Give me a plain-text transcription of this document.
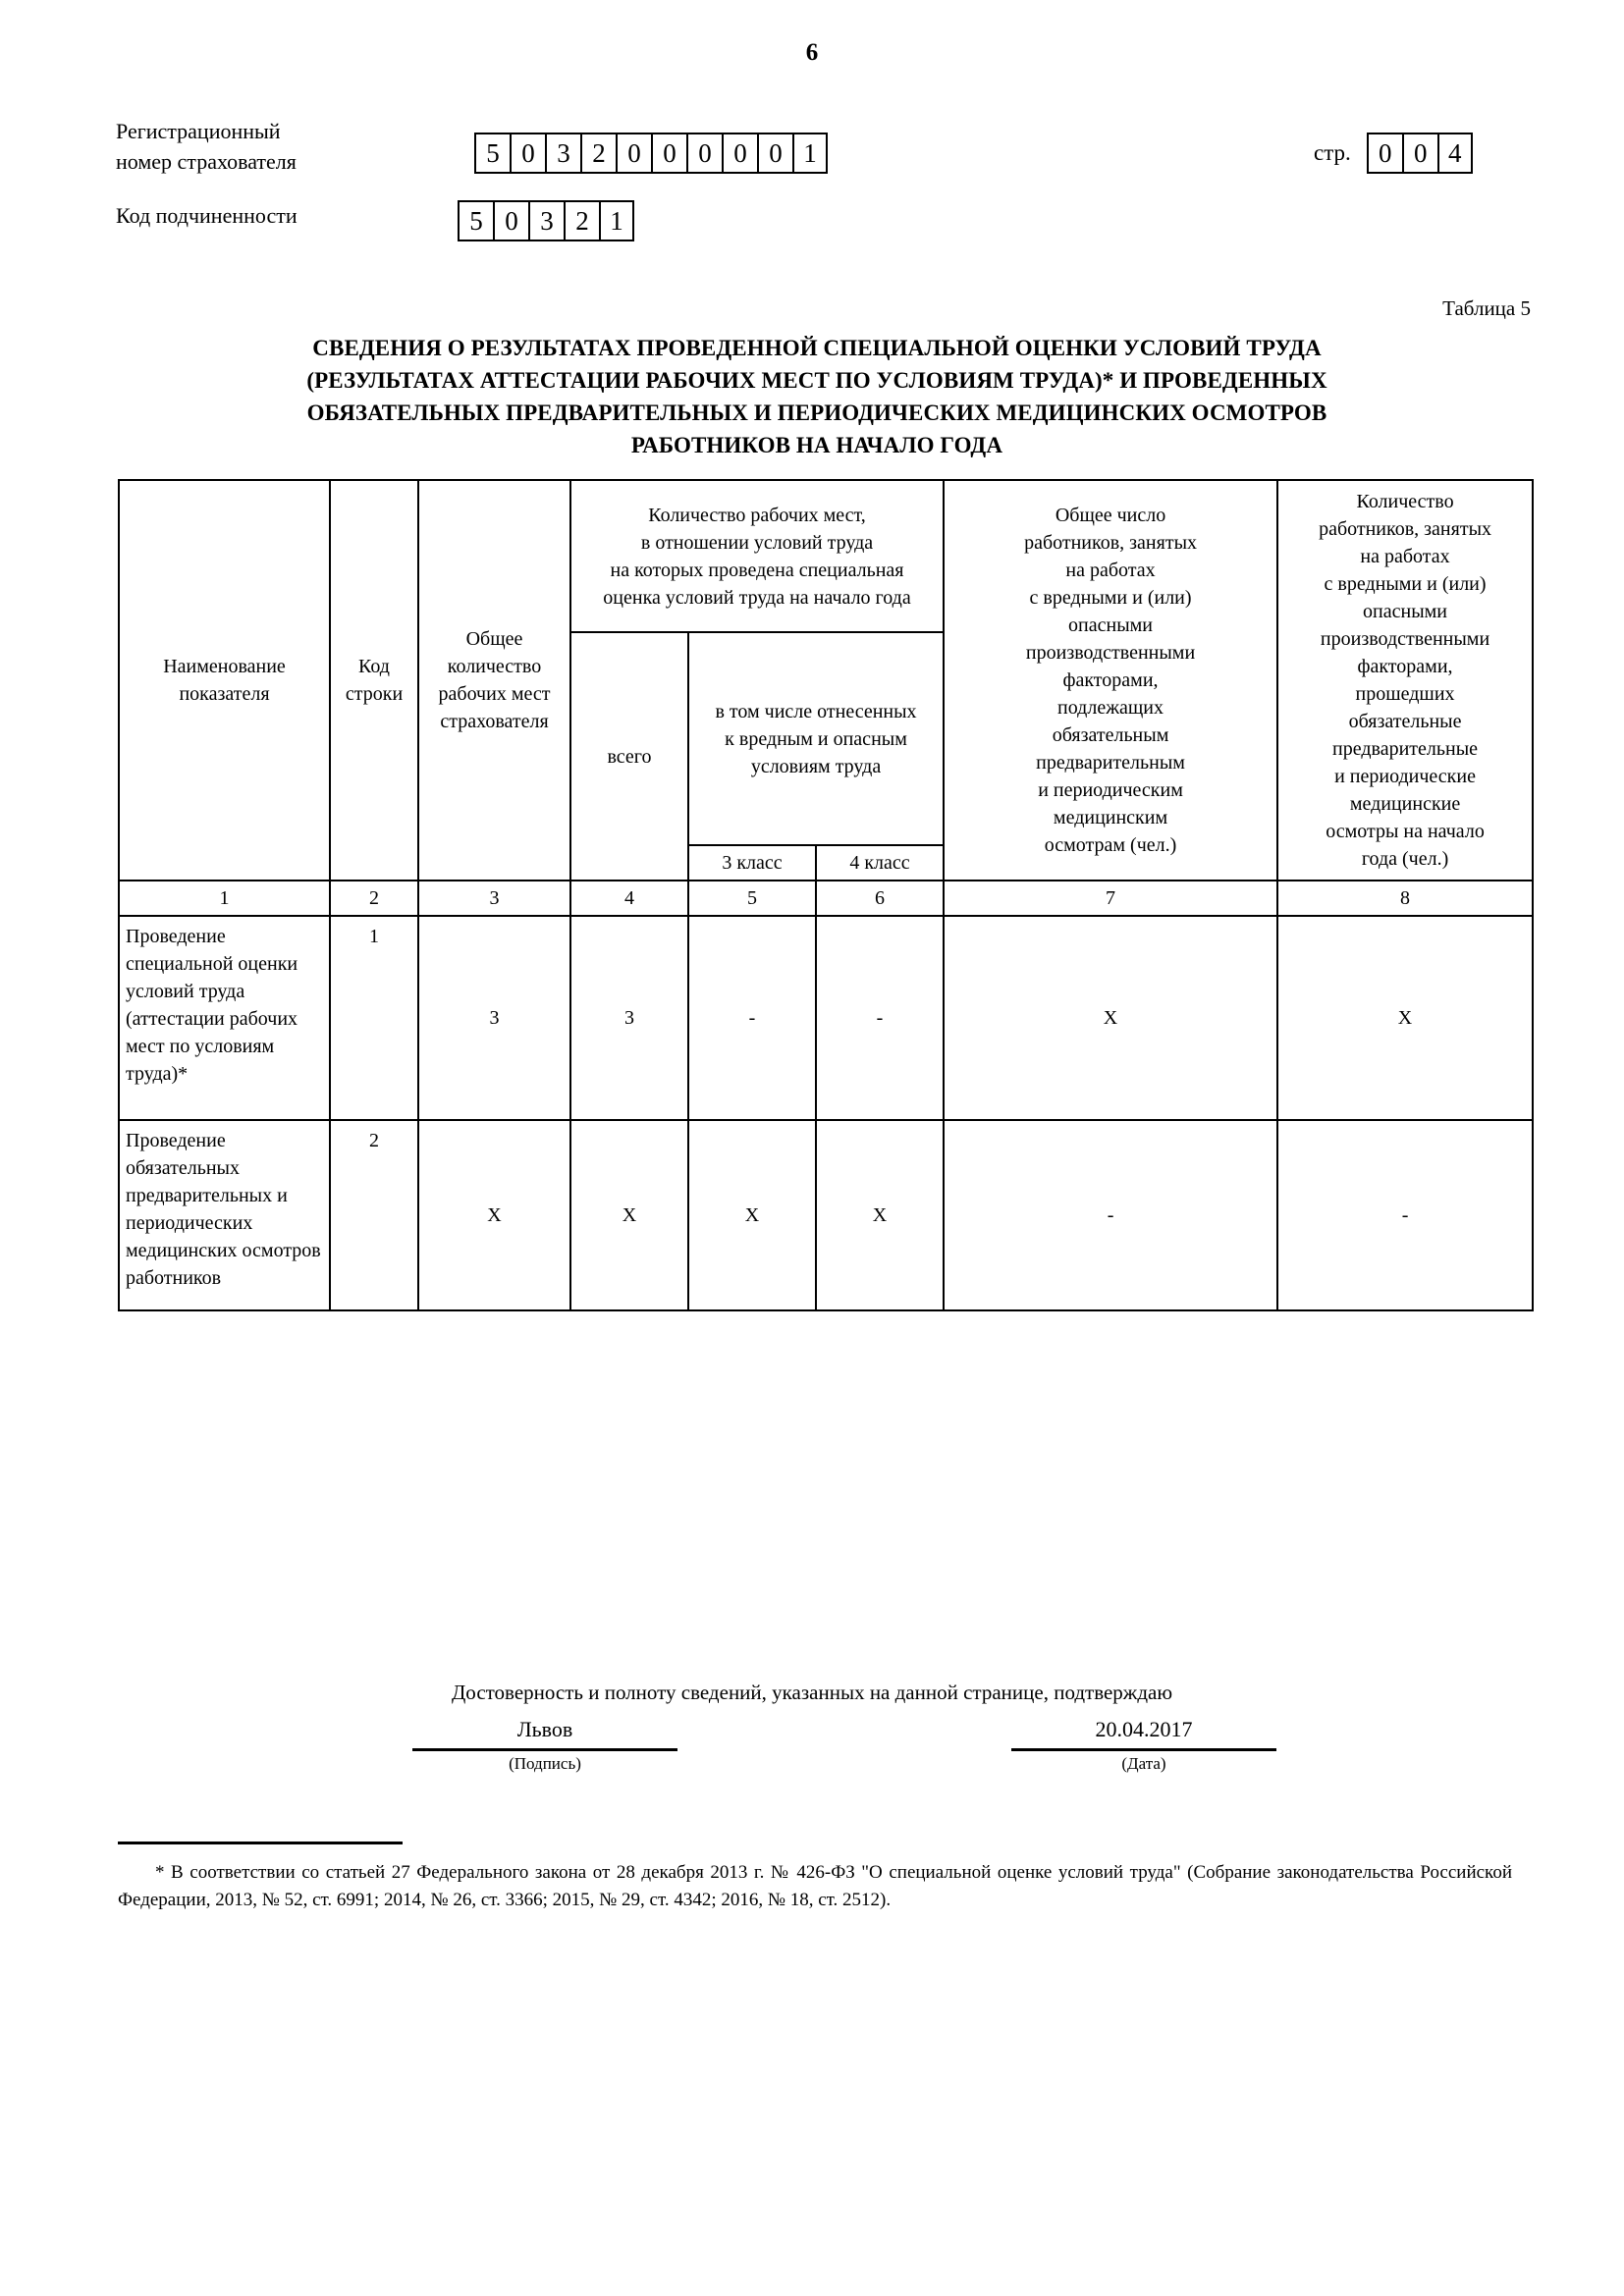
6
Регистрационный
номер страхователя	5 0 3 2 0 0 0 0 0 1	стр.	0 0 4
Код подчиненности	5 0 3 2 1
Таблица 5
СВЕДЕНИЯ О РЕЗУЛЬТАТАХ ПРОВЕДЕННОЙ СПЕЦИАЛЬНОЙ ОЦЕНКИ УСЛОВИЙ ТРУДА
(РЕЗУЛЬТАТАХ АТТЕСТАЦИИ РАБОЧИХ МЕСТ ПО УСЛОВИЯМ ТРУДА)* И ПРОВЕДЕННЫХ
ОБЯЗАТЕЛЬНЫХ ПРЕДВАРИТЕЛЬНЫХ И ПЕРИОДИЧЕСКИХ МЕДИЦИНСКИХ ОСМОТРОВ
РАБОТНИКОВ НА НАЧАЛО ГОДА
Наименование
показателя

Код
строки

Общее
количество
рабочих мест
страхователя

Количество рабочих мест,
в отношении условий труда
на которых проведена специальная
оценка условий труда на начало года

Общее число
работников, занятых
на работах
с вредными и (или)
опасными
производственными
факторами,
подлежащих
обязательным
предварительным
и периодическим
медицинским
осмотрам (чел.)

Количество
работников, занятых
на работах
с вредными и (или)
опасными
производственными
факторами,
прошедших
обязательные
предварительные
и периодические
медицинские
осмотры на начало
года (чел.)

			всего	в том числе отнесенных
к вредным и опасным
условиям труда			

				3 класс	4 класс		
1	2	3	4	5	6	7	8
Проведение специальной оценки условий труда (аттестации рабочих мест по условиям труда)*	1	3	3	-	-	X	X
Проведение обязательных предварительных и периодических медицинских осмотров работников	2	X	X	X	X	-	-
Достоверность и полноту сведений, указанных на данной странице, подтверждаю
Львов
(Подпись)
20.04.2017
(Дата)
* В соответствии со статьей 27 Федерального закона от 28 декабря 2013 г. № 426-ФЗ "О специальной оценке условий труда" (Собрание законодательства Российской Федерации, 2013, № 52, ст. 6991; 2014, № 26, ст. 3366; 2015, № 29, ст. 4342; 2016, № 18, ст. 2512).
